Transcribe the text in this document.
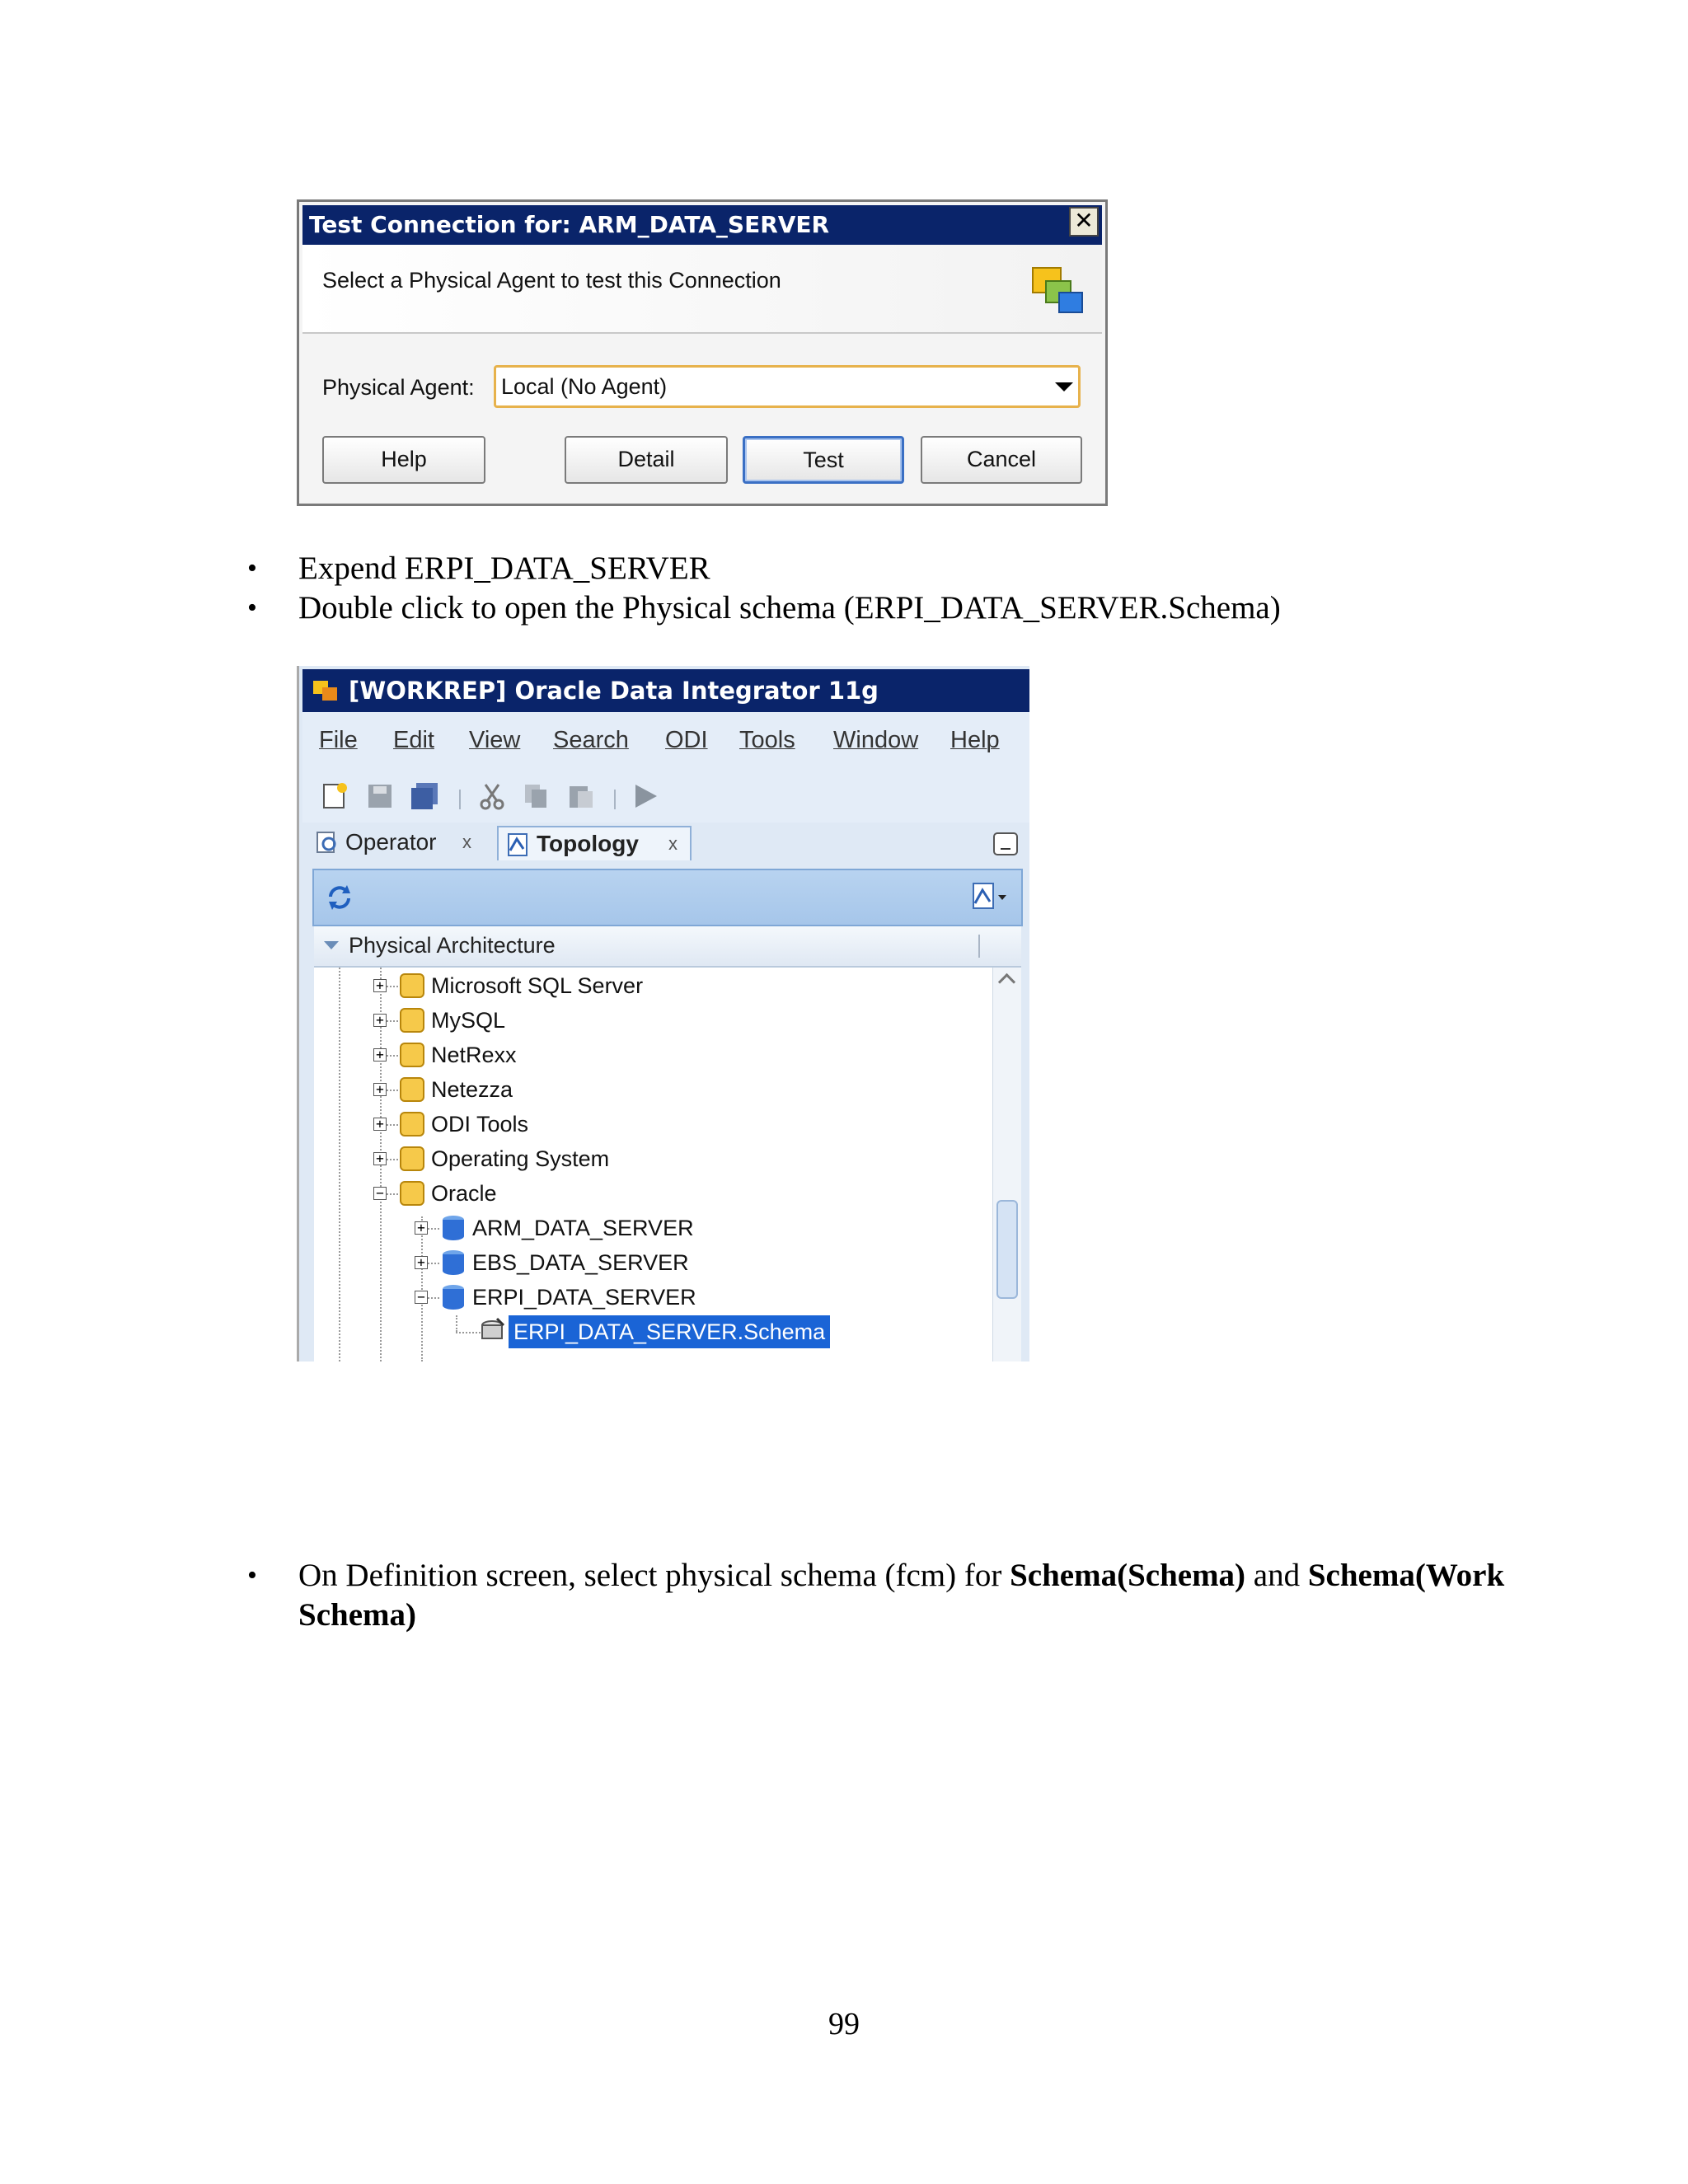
Test Connection for: ARM_DATA_SERVER	✕
Select a Physical Agent to test this Connection
Physical Agent:	Local (No Agent)
Help	Detail	Test	Cancel
•	Expend ERPI_DATA_SERVER
•	Double click to open the Physical schema (ERPI_DATA_SERVER.Schema)
[WORKREP] Oracle Data Integrator 11g
File Edit View Search ODI Tools Window Help
Operator x	Topology x
Physical Architecture
+ Microsoft SQL Server
+ MySQL
+ NetRexx
+ Netezza
+ ODI Tools
+ Operating System
− Oracle
+ ARM_DATA_SERVER
+ EBS_DATA_SERVER
− ERPI_DATA_SERVER
ERPI_DATA_SERVER.Schema
•	On Definition screen, select physical schema (fcm) for Schema(Schema) and Schema(Work
Schema)
99
